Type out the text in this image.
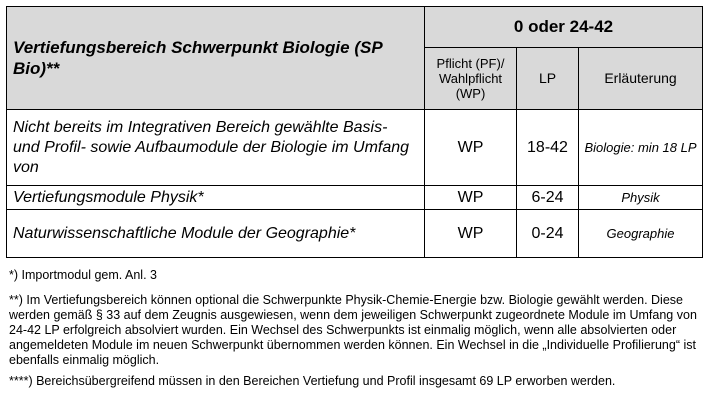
Vertiefungsbereich Schwerpunkt Biologie (SP Bio)**	0 oder 24-42		
	Pflicht (PF)/ Wahlpflicht (WP)	LP	Erläuterung
Nicht bereits im Integrativen Bereich gewählte Basis- und Profil- sowie Aufbaumodule der Biologie im Umfang von	WP	18-42	Biologie: min 18 LP
Vertiefungsmodule Physik*	WP	6-24	Physik
Naturwissenschaftliche Module der Geographie*	WP	0-24	Geographie

*) Importmodul gem. Anl. 3

**) Im Vertiefungsbereich können optional die Schwerpunkte Physik-Chemie-Energie bzw. Biologie gewählt werden. Diese werden gemäß § 33 auf dem Zeugnis ausgewiesen, wenn dem jeweiligen Schwerpunkt zugeordnete Module im Umfang von 24-42 LP erfolgreich absolviert wurden. Ein Wechsel des Schwerpunkts ist einmalig möglich, wenn alle absolvierten oder angemeldeten Module im neuen Schwerpunkt übernommen werden können. Ein Wechsel in die „Individuelle Profilierung“ ist ebenfalls einmalig möglich.

****) Bereichsübergreifend müssen in den Bereichen Vertiefung und Profil insgesamt 69 LP erworben werden.
